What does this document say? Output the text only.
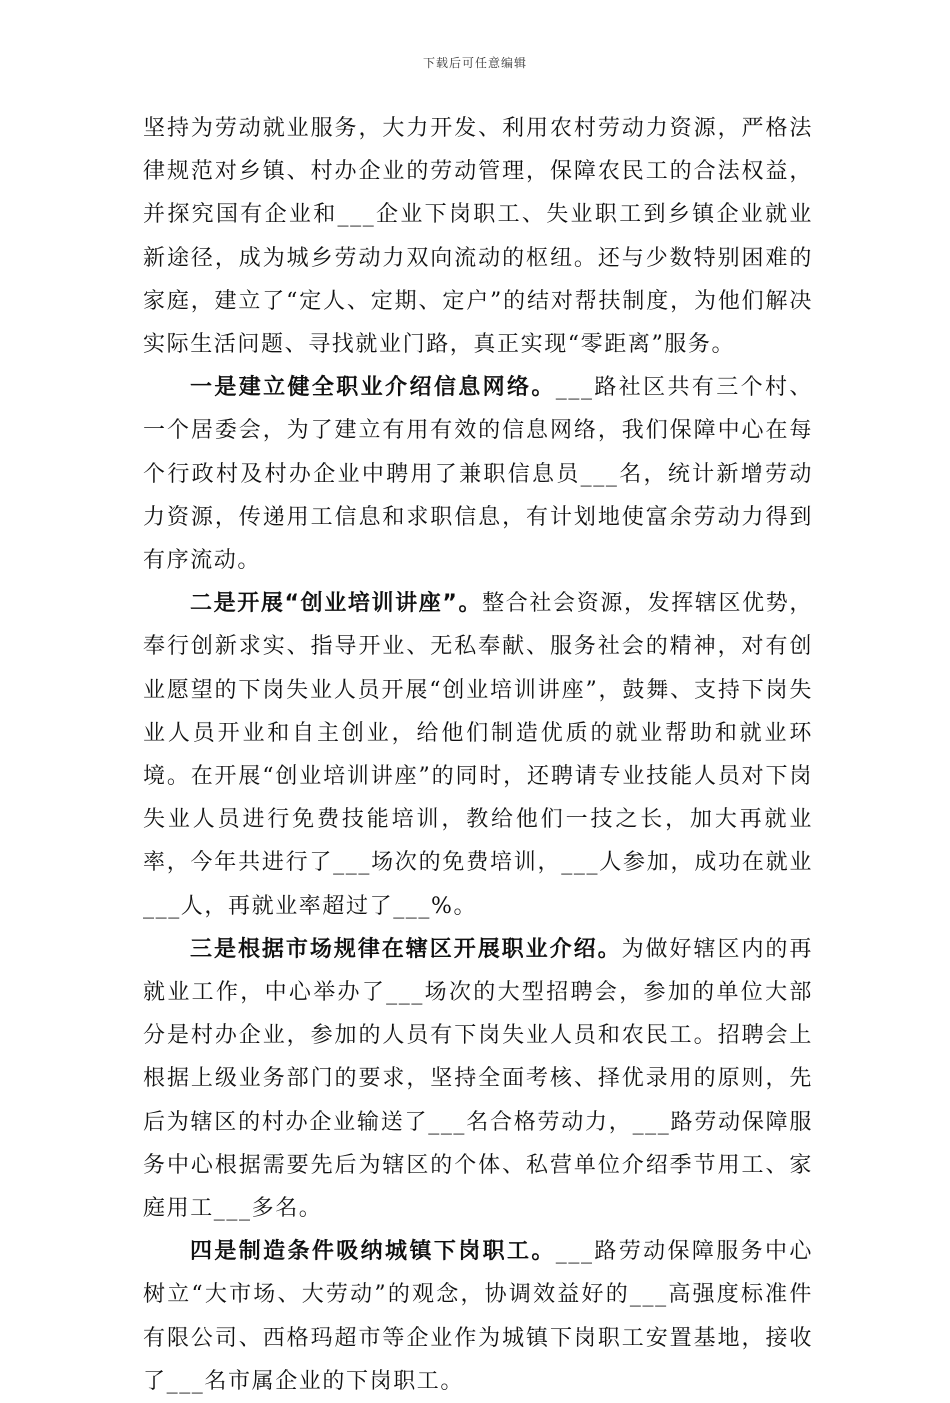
下载后可任意编辑

坚持为劳动就业服务，大力开发、利用农村劳动力资源，严格法律规范对乡镇、村办企业的劳动管理，保障农民工的合法权益，并探究国有企业和___企业下岗职工、失业职工到乡镇企业就业新途径，成为城乡劳动力双向流动的枢纽。还与少数特别困难的家庭，建立了“定人、定期、定户”的结对帮扶制度，为他们解决实际生活问题、寻找就业门路，真正实现“零距离”服务。

一是建立健全职业介绍信息网络。___路社区共有三个村、一个居委会，为了建立有用有效的信息网络，我们保障中心在每个行政村及村办企业中聘用了兼职信息员___名，统计新增劳动力资源，传递用工信息和求职信息，有计划地使富余劳动力得到有序流动。

二是开展“创业培训讲座”。整合社会资源，发挥辖区优势，奉行创新求实、指导开业、无私奉献、服务社会的精神，对有创业愿望的下岗失业人员开展“创业培训讲座”，鼓舞、支持下岗失业人员开业和自主创业，给他们制造优质的就业帮助和就业环境。在开展“创业培训讲座”的同时，还聘请专业技能人员对下岗失业人员进行免费技能培训，教给他们一技之长，加大再就业率，今年共进行了___场次的免费培训，___人参加，成功在就业___人，再就业率超过了___%。

三是根据市场规律在辖区开展职业介绍。为做好辖区内的再就业工作，中心举办了___场次的大型招聘会，参加的单位大部分是村办企业，参加的人员有下岗失业人员和农民工。招聘会上根据上级业务部门的要求，坚持全面考核、择优录用的原则，先后为辖区的村办企业输送了___名合格劳动力，___路劳动保障服务中心根据需要先后为辖区的个体、私营单位介绍季节用工、家庭用工___多名。

四是制造条件吸纳城镇下岗职工。___路劳动保障服务中心树立“大市场、大劳动”的观念，协调效益好的___高强度标准件有限公司、西格玛超市等企业作为城镇下岗职工安置基地，接收了___名市属企业的下岗职工。
